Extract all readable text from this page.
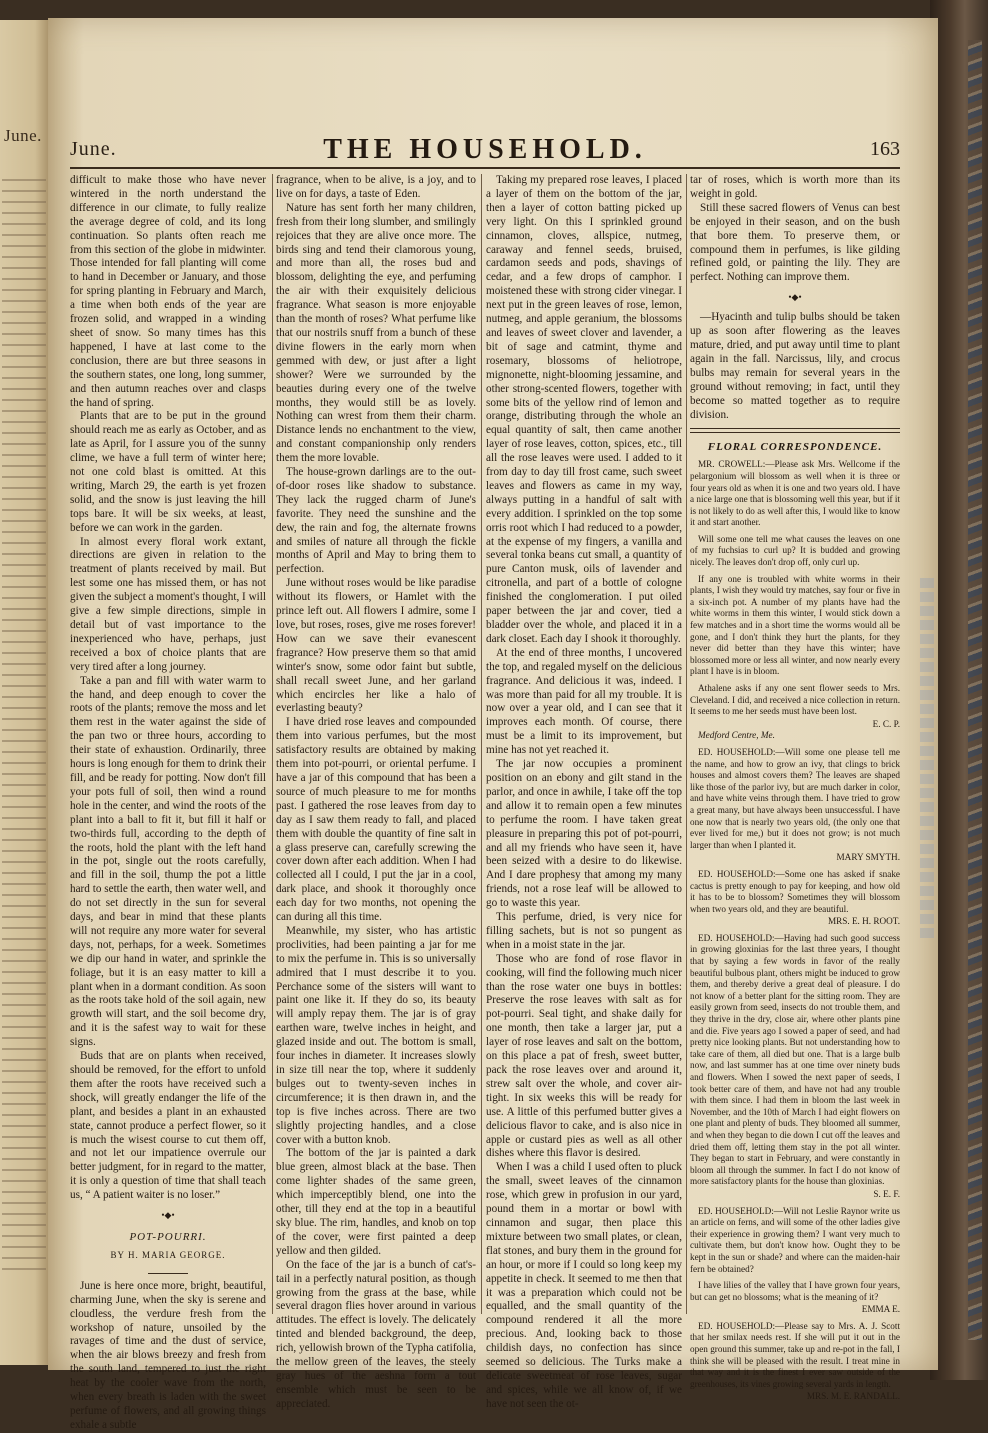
June.
June.	THE HOUSEHOLD.	163

difficult to make those who have never wintered in the north understand the difference in our climate, to fully realize the average degree of cold, and its long continuation. So plants often reach me from this section of the globe in midwinter. Those intended for fall planting will come to hand in December or January, and those for spring planting in February and March, a time when both ends of the year are frozen solid, and wrapped in a winding sheet of snow. So many times has this happened, I have at last come to the conclusion, there are but three seasons in the southern states, one long, long summer, and then autumn reaches over and clasps the hand of spring.

Plants that are to be put in the ground should reach me as early as October, and as late as April, for I assure you of the sunny clime, we have a full term of winter here; not one cold blast is omitted. At this writing, March 29, the earth is yet frozen solid, and the snow is just leaving the hill tops bare. It will be six weeks, at least, before we can work in the garden.

In almost every floral work extant, directions are given in relation to the treatment of plants received by mail. But lest some one has missed them, or has not given the subject a moment's thought, I will give a few simple directions, simple in detail but of vast importance to the inexperienced who have, perhaps, just received a box of choice plants that are very tired after a long journey.

Take a pan and fill with water warm to the hand, and deep enough to cover the roots of the plants; remove the moss and let them rest in the water against the side of the pan two or three hours, according to their state of exhaustion. Ordinarily, three hours is long enough for them to drink their fill, and be ready for potting. Now don't fill your pots full of soil, then wind a round hole in the center, and wind the roots of the plant into a ball to fit it, but fill it half or two-thirds full, according to the depth of the roots, hold the plant with the left hand in the pot, single out the roots carefully, and fill in the soil, thump the pot a little hard to settle the earth, then water well, and do not set directly in the sun for several days, and bear in mind that these plants will not require any more water for several days, not, perhaps, for a week. Sometimes we dip our hand in water, and sprinkle the foliage, but it is an easy matter to kill a plant when in a dormant condition. As soon as the roots take hold of the soil again, new growth will start, and the soil become dry, and it is the safest way to wait for these signs.

Buds that are on plants when received, should be removed, for the effort to unfold them after the roots have received such a shock, will greatly endanger the life of the plant, and besides a plant in an exhausted state, cannot produce a perfect flower, so it is much the wisest course to cut them off, and not let our impatience overrule our better judgment, for in regard to the matter, it is only a question of time that shall teach us, “ A patient waiter is no loser.”

•◆•
POT-POURRI.
BY H. MARIA GEORGE.

June is here once more, bright, beautiful, charming June, when the sky is serene and cloudless, the verdure fresh from the workshop of nature, unsoiled by the ravages of time and the dust of service, when the air blows breezy and fresh from the south land, tempered to just the right heat by the cooler wave from the north, when every breath is laden with the sweet perfume of flowers, and all growing things exhale a subtle

fragrance, when to be alive, is a joy, and to live on for days, a taste of Eden.

Nature has sent forth her many children, fresh from their long slumber, and smilingly rejoices that they are alive once more. The birds sing and tend their clamorous young, and more than all, the roses bud and blossom, delighting the eye, and perfuming the air with their exquisitely delicious fragrance. What season is more enjoyable than the month of roses? What perfume like that our nostrils snuff from a bunch of these divine flowers in the early morn when gemmed with dew, or just after a light shower? Were we surrounded by the beauties during every one of the twelve months, they would still be as lovely. Nothing can wrest from them their charm. Distance lends no enchantment to the view, and constant companionship only renders them the more lovable.

The house-grown darlings are to the out-of-door roses like shadow to substance. They lack the rugged charm of June's favorite. They need the sunshine and the dew, the rain and fog, the alternate frowns and smiles of nature all through the fickle months of April and May to bring them to perfection.

June without roses would be like paradise without its flowers, or Hamlet with the prince left out. All flowers I admire, some I love, but roses, roses, give me roses forever! How can we save their evanescent fragrance? How preserve them so that amid winter's snow, some odor faint but subtle, shall recall sweet June, and her garland which encircles her like a halo of everlasting beauty?

I have dried rose leaves and compounded them into various perfumes, but the most satisfactory results are obtained by making them into pot-pourri, or oriental perfume. I have a jar of this compound that has been a source of much pleasure to me for months past. I gathered the rose leaves from day to day as I saw them ready to fall, and placed them with double the quantity of fine salt in a glass preserve can, carefully screwing the cover down after each addition. When I had collected all I could, I put the jar in a cool, dark place, and shook it thoroughly once each day for two months, not opening the can during all this time.

Meanwhile, my sister, who has artistic proclivities, had been painting a jar for me to mix the perfume in. This is so universally admired that I must describe it to you. Perchance some of the sisters will want to paint one like it. If they do so, its beauty will amply repay them. The jar is of gray earthen ware, twelve inches in height, and glazed inside and out. The bottom is small, four inches in diameter. It increases slowly in size till near the top, where it suddenly bulges out to twenty-seven inches in circumference; it is then drawn in, and the top is five inches across. There are two slightly projecting handles, and a close cover with a button knob.

The bottom of the jar is painted a dark blue green, almost black at the base. Then come lighter shades of the same green, which imperceptibly blend, one into the other, till they end at the top in a beautiful sky blue. The rim, handles, and knob on top of the cover, were first painted a deep yellow and then gilded.

On the face of the jar is a bunch of cat's-tail in a perfectly natural position, as though growing from the grass at the base, while several dragon flies hover around in various attitudes. The effect is lovely. The delicately tinted and blended background, the deep, rich, yellowish brown of the Typha catifolia, the mellow green of the leaves, the steely gray hues of the aeshna form a tout ensemble which must be seen to be appreciated.

Taking my prepared rose leaves, I placed a layer of them on the bottom of the jar, then a layer of cotton batting picked up very light. On this I sprinkled ground cinnamon, cloves, allspice, nutmeg, caraway and fennel seeds, bruised, cardamon seeds and pods, shavings of cedar, and a few drops of camphor. I moistened these with strong cider vinegar. I next put in the green leaves of rose, lemon, nutmeg, and apple geranium, the blossoms and leaves of sweet clover and lavender, a bit of sage and catmint, thyme and rosemary, blossoms of heliotrope, mignonette, night-blooming jessamine, and other strong-scented flowers, together with some bits of the yellow rind of lemon and orange, distributing through the whole an equal quantity of salt, then came another layer of rose leaves, cotton, spices, etc., till all the rose leaves were used. I added to it from day to day till frost came, such sweet leaves and flowers as came in my way, always putting in a handful of salt with every addition. I sprinkled on the top some orris root which I had reduced to a powder, at the expense of my fingers, a vanilla and several tonka beans cut small, a quantity of pure Canton musk, oils of lavender and citronella, and part of a bottle of cologne finished the conglomeration. I put oiled paper between the jar and cover, tied a bladder over the whole, and placed it in a dark closet. Each day I shook it thoroughly.

At the end of three months, I uncovered the top, and regaled myself on the delicious fragrance. And delicious it was, indeed. I was more than paid for all my trouble. It is now over a year old, and I can see that it improves each month. Of course, there must be a limit to its improvement, but mine has not yet reached it.

The jar now occupies a prominent position on an ebony and gilt stand in the parlor, and once in awhile, I take off the top and allow it to remain open a few minutes to perfume the room. I have taken great pleasure in preparing this pot of pot-pourri, and all my friends who have seen it, have been seized with a desire to do likewise. And I dare prophesy that among my many friends, not a rose leaf will be allowed to go to waste this year.

This perfume, dried, is very nice for filling sachets, but is not so pungent as when in a moist state in the jar.

Those who are fond of rose flavor in cooking, will find the following much nicer than the rose water one buys in bottles: Preserve the rose leaves with salt as for pot-pourri. Seal tight, and shake daily for one month, then take a larger jar, put a layer of rose leaves and salt on the bottom, on this place a pat of fresh, sweet butter, pack the rose leaves over and around it, strew salt over the whole, and cover air-tight. In six weeks this will be ready for use. A little of this perfumed butter gives a delicious flavor to cake, and is also nice in apple or custard pies as well as all other dishes where this flavor is desired.

When I was a child I used often to pluck the small, sweet leaves of the cinnamon rose, which grew in profusion in our yard, pound them in a mortar or bowl with cinnamon and sugar, then place this mixture between two small plates, or clean, flat stones, and bury them in the ground for an hour, or more if I could so long keep my appetite in check. It seemed to me then that it was a preparation which could not be equalled, and the small quantity of the compound rendered it all the more precious. And, looking back to those childish days, no confection has since seemed so delicious. The Turks make a delicate sweetmeat of rose leaves, sugar and spices, while we all know of, if we have not seen the ot-

tar of roses, which is worth more than its weight in gold.

Still these sacred flowers of Venus can best be enjoyed in their season, and on the bush that bore them. To preserve them, or compound them in perfumes, is like gilding refined gold, or painting the lily. They are perfect. Nothing can improve them.

•◆•

—Hyacinth and tulip bulbs should be taken up as soon after flowering as the leaves mature, dried, and put away until time to plant again in the fall. Narcissus, lily, and crocus bulbs may remain for several years in the ground without removing; in fact, until they become so matted together as to require division.

FLORAL CORRESPONDENCE.

MR. CROWELL:—Please ask Mrs. Wellcome if the pelargonium will blossom as well when it is three or four years old as when it is one and two years old. I have a nice large one that is blossoming well this year, but if it is not likely to do as well after this, I would like to know it and start another.

Will some one tell me what causes the leaves on one of my fuchsias to curl up? It is budded and growing nicely. The leaves don't drop off, only curl up.

If any one is troubled with white worms in their plants, I wish they would try matches, say four or five in a six-inch pot. A number of my plants have had the white worms in them this winter, I would stick down a few matches and in a short time the worms would all be gone, and I don't think they hurt the plants, for they never did better than they have this winter; have blossomed more or less all winter, and now nearly every plant I have is in bloom.

Athalene asks if any one sent flower seeds to Mrs. Cleveland. I did, and received a nice collection in return. It seems to me her seeds must have been lost.
E. C. P.
Medford Centre, Me.

ED. HOUSEHOLD:—Will some one please tell me the name, and how to grow an ivy, that clings to brick houses and almost covers them? The leaves are shaped like those of the parlor ivy, but are much darker in color, and have white veins through them. I have tried to grow a great many, but have always been unsuccessful. I have one now that is nearly two years old, (the only one that ever lived for me,) but it does not grow; is not much larger than when I planted it.
MARY SMYTH.

ED. HOUSEHOLD:—Some one has asked if snake cactus is pretty enough to pay for keeping, and how old it has to be to blossom? Sometimes they will blossom when two years old, and they are beautiful.
MRS. E. H. ROOT.

ED. HOUSEHOLD:—Having had such good success in growing gloxinias for the last three years, I thought that by saying a few words in favor of the really beautiful bulbous plant, others might be induced to grow them, and thereby derive a great deal of pleasure. I do not know of a better plant for the sitting room. They are easily grown from seed, insects do not trouble them, and they thrive in the dry, close air, where other plants pine and die. Five years ago I sowed a paper of seed, and had pretty nice looking plants. But not understanding how to take care of them, all died but one. That is a large bulb now, and last summer has at one time over ninety buds and flowers. When I sowed the next paper of seeds, I took better care of them, and have not had any trouble with them since. I had them in bloom the last week in November, and the 10th of March I had eight flowers on one plant and plenty of buds. They bloomed all summer, and when they began to die down I cut off the leaves and dried them off, letting them stay in the pot all winter. They began to start in February, and were constantly in bloom all through the summer. In fact I do not know of more satisfactory plants for the house than gloxinias.
S. E. F.

ED. HOUSEHOLD:—Will not Leslie Raynor write us an article on ferns, and will some of the other ladies give their experience in growing them? I want very much to cultivate them, but don't know how. Ought they to be kept in the sun or shade? and where can the maiden-hair fern be obtained?

I have lilies of the valley that I have grown four years, but can get no blossoms; what is the meaning of it?
EMMA E.

ED. HOUSEHOLD:—Please say to Mrs. A. J. Scott that her smilax needs rest. If she will put it out in the open ground this summer, take up and re-pot in the fall, I think she will be pleased with the result. I treat mine in that way and it is the finest I ever saw outside of the greenhouses, its vines growing several yards in length.
MRS. M. E. RANDALL.
